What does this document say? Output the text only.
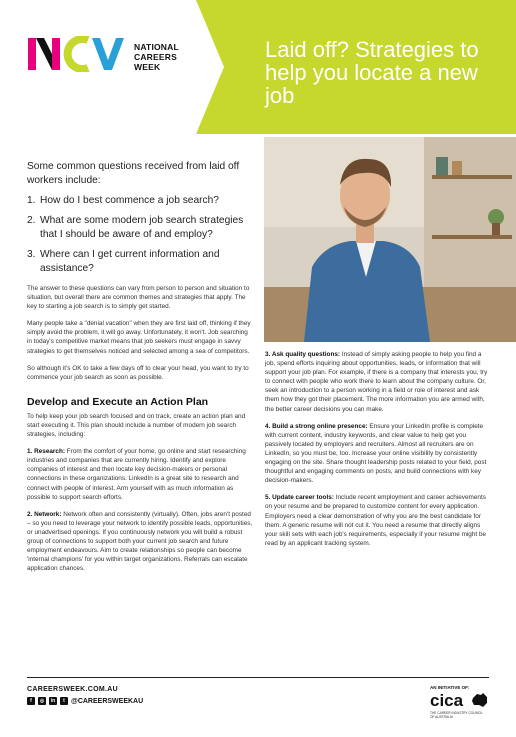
NATIONAL
CAREERS
WEEK
Laid off? Strategies to help you locate a new job

Some common questions received from laid off workers include:

1. How do I best commence a job search?
2. What are some modern job search strategies that I should be aware of and employ?
3. Where can I get current information and assistance?

The answer to these questions can vary from person to person and situation to situation, but overall there are common themes and strategies that apply. The key to starting a job search is to simply get started.

Many people take a "denial vacation" when they are first laid off, thinking if they simply avoid the problem, it will go away. Unfortunately, it won't. Job searching in today's competitive market means that job seekers must engage in savvy strategies to get themselves noticed and selected among a sea of competitors.

So although it's OK to take a few days off to clear your head, you want to try to commence your job search as soon as possible.

Develop and Execute an Action Plan

To help keep your job search focused and on track, create an action plan and start executing it. This plan should include a number of modern job search strategies, including:

1. Research: From the comfort of your home, go online and start researching industries and companies that are currently hiring. Identify and explore companies of interest and then locate key decision-makers or personal connections in these organizations. LinkedIn is a great site to research and connect with people of interest. Arm yourself with as much information as possible to support search efforts.

2. Network: Network often and consistently (virtually). Often, jobs aren't posted – so you need to leverage your network to identify possible leads, opportunities, or unadvertised openings. If you continuously network you will build a robust group of connections to support both your current job search and future employment endeavours. Aim to create relationships so people can become 'internal champions' for you within target organizations. Referrals can escalate application chances.

3. Ask quality questions: Instead of simply asking people to help you find a job, spend efforts inquiring about opportunities, leads, or information that will support your job plan. For example, if there is a company that interests you, try to connect with people who work there to learn about the company culture. Or, seek an introduction to a person working in a field or role of interest and ask them how they got their placement. The more information you are armed with, the better career decisions you can make.

4. Build a strong online presence: Ensure your LinkedIn profile is complete with current content, industry keywords, and clear value to help get you passively located by employers and recruiters. Almost all recruiters are on LinkedIn, so you must be, too. Increase your online visibility by consistently engaging on the site. Share thought leadership posts related to your field, post thoughtful and engaging comments on posts, and build connections with key decision-makers.

5. Update career tools: Include recent employment and career achievements on your resume and be prepared to customize content for every application. Employers need a clear demonstration of why you are the best candidate for them. A generic resume will not cut it. You need a resume that directly aligns your skill sets with each job's requirements, especially if your resume might be read by an applicant tracking system.

CAREERSWEEK.COM.AU
f	◎	in	t @CAREERSWEEKAU
AN INITIATIVE OF:
cica
THE CAREER INDUSTRY COUNCIL OF AUSTRALIA
